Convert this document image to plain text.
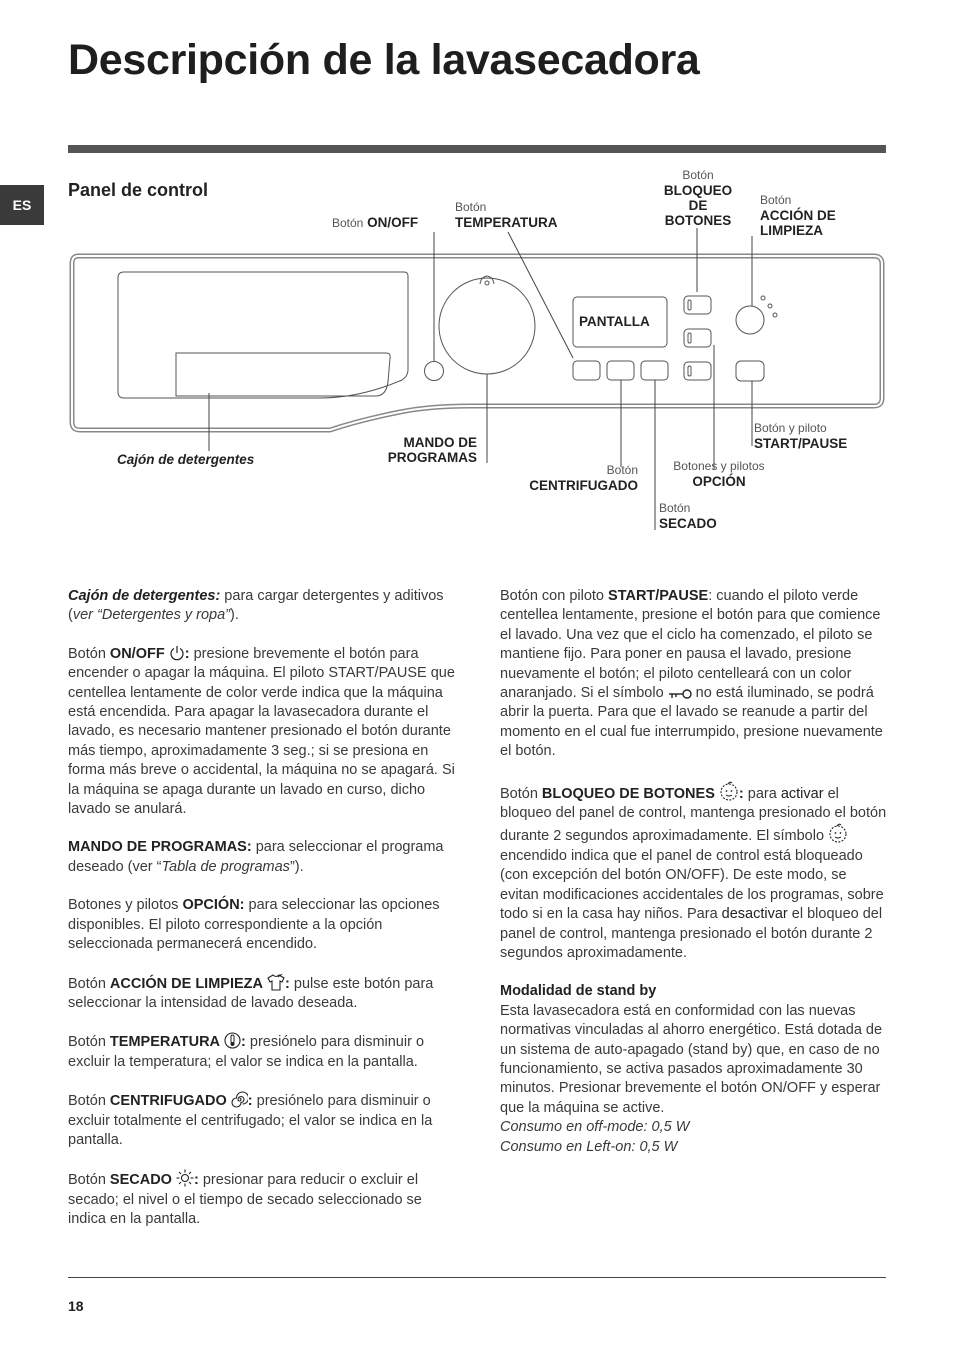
Descripción de la lavasecadora
ES
Panel de control
Botón
BLOQUEO
DE
BOTONES
Botón
ACCIÓN DE
LIMPIEZA
Botón ON/OFF
Botón
TEMPERATURA
PANTALLA
Cajón de detergentes
MANDO DE
PROGRAMAS
Botón
CENTRIFUGADO
Botones y pilotos
OPCIÓN
Botón y piloto
START/PAUSE
Botón
SECADO

Cajón de detergentes: para cargar detergentes y aditivos (ver “Detergentes y ropa”).

Botón ON/OFF : presione brevemente el botón para encender o apagar la máquina. El piloto START/PAUSE que centellea lentamente de color verde indica que la máquina está encendida. Para apagar la lavasecadora durante el lavado, es necesario mantener presionado el botón durante más tiempo, aproximadamente 3 seg.; si se presiona en forma más breve o accidental, la máquina no se apagará. Si la máquina se apaga durante un lavado en curso, dicho lavado se anulará.

MANDO DE PROGRAMAS: para seleccionar el programa deseado (ver “Tabla de programas”).

Botones y pilotos OPCIÓN: para seleccionar las opciones disponibles. El piloto correspondiente a la opción seleccionada permanecerá encendido.

Botón ACCIÓN DE LIMPIEZA : pulse este botón para seleccionar la intensidad de lavado deseada.

Botón TEMPERATURA : presiónelo para disminuir o excluir la temperatura; el valor se indica en la pantalla.

Botón CENTRIFUGADO : presiónelo para disminuir o excluir totalmente el centrifugado; el valor se indica en la pantalla.

Botón SECADO : presionar para reducir o excluir el secado; el nivel o el tiempo de secado seleccionado se indica en la pantalla.

Botón con piloto START/PAUSE: cuando el piloto verde centellea lentamente, presione el botón para que comience el lavado. Una vez que el ciclo ha comenzado, el piloto se mantiene fijo. Para poner en pausa el lavado, presione nuevamente el botón; el piloto centelleará con un color anaranjado. Si el símbolo  no está iluminado, se podrá abrir la puerta. Para que el lavado se reanude a partir del momento en el cual fue interrumpido, presione nuevamente el botón.

Botón BLOQUEO DE BOTONES : para activar el bloqueo del panel de control, mantenga presionado el botón durante 2 segundos aproximadamente. El símbolo  encendido indica que el panel de control está bloqueado (con excepción del botón ON/OFF). De este modo, se evitan modificaciones accidentales de los programas, sobre todo si en la casa hay niños. Para desactivar el bloqueo del panel de control, mantenga presionado el botón durante 2 segundos aproximadamente.

Modalidad de stand by
Esta lavasecadora está en conformidad con las nuevas normativas vinculadas al ahorro energético. Está dotada de un sistema de auto-apagado (stand by) que, en caso de no funcionamiento, se activa pasados aproximadamente 30 minutos. Presionar brevemente el botón ON/OFF y esperar que la máquina se active.
Consumo en off-mode: 0,5 W
Consumo en Left-on: 0,5 W
18
